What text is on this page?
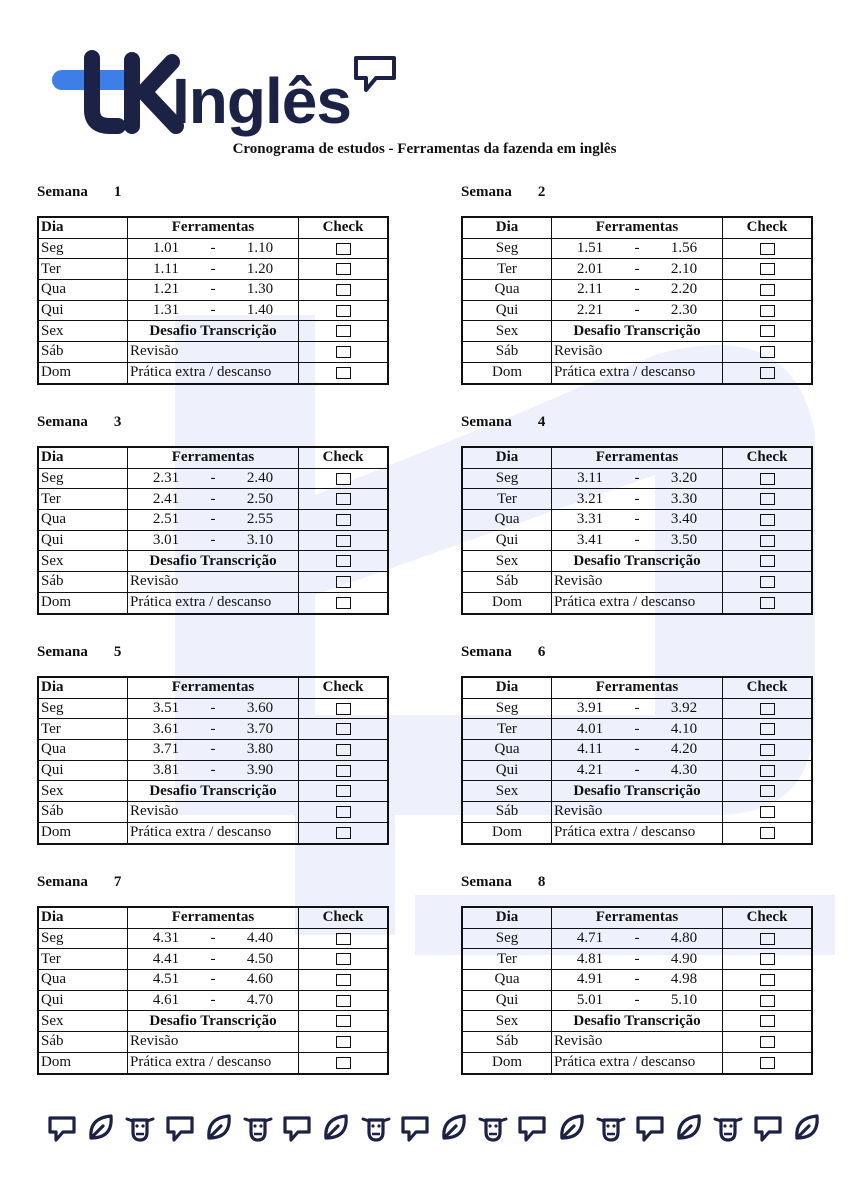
Inglês
Cronograma de estudos - Ferramentas da fazenda em inglês
Semana 1
Dia	Ferramentas	Check
Seg	1.01 - 1.10	
Ter	1.11 - 1.20	
Qua	1.21 - 1.30	
Qui	1.31 - 1.40	
Sex	Desafio Transcrição	
Sáb	Revisão	
Dom	Prática extra / descanso	
Semana 2
Dia	Ferramentas	Check
Seg	1.51 - 1.56	
Ter	2.01 - 2.10	
Qua	2.11 - 2.20	
Qui	2.21 - 2.30	
Sex	Desafio Transcrição	
Sáb	Revisão	
Dom	Prática extra / descanso	
Semana 3
Dia	Ferramentas	Check
Seg	2.31 - 2.40	
Ter	2.41 - 2.50	
Qua	2.51 - 2.55	
Qui	3.01 - 3.10	
Sex	Desafio Transcrição	
Sáb	Revisão	
Dom	Prática extra / descanso	
Semana 4
Dia	Ferramentas	Check
Seg	3.11 - 3.20	
Ter	3.21 - 3.30	
Qua	3.31 - 3.40	
Qui	3.41 - 3.50	
Sex	Desafio Transcrição	
Sáb	Revisão	
Dom	Prática extra / descanso	
Semana 5
Dia	Ferramentas	Check
Seg	3.51 - 3.60	
Ter	3.61 - 3.70	
Qua	3.71 - 3.80	
Qui	3.81 - 3.90	
Sex	Desafio Transcrição	
Sáb	Revisão	
Dom	Prática extra / descanso	
Semana 6
Dia	Ferramentas	Check
Seg	3.91 - 3.92	
Ter	4.01 - 4.10	
Qua	4.11 - 4.20	
Qui	4.21 - 4.30	
Sex	Desafio Transcrição	
Sáb	Revisão	
Dom	Prática extra / descanso	
Semana 7
Dia	Ferramentas	Check
Seg	4.31 - 4.40	
Ter	4.41 - 4.50	
Qua	4.51 - 4.60	
Qui	4.61 - 4.70	
Sex	Desafio Transcrição	
Sáb	Revisão	
Dom	Prática extra / descanso	
Semana 8
Dia	Ferramentas	Check
Seg	4.71 - 4.80	
Ter	4.81 - 4.90	
Qua	4.91 - 4.98	
Qui	5.01 - 5.10	
Sex	Desafio Transcrição	
Sáb	Revisão	
Dom	Prática extra / descanso	
